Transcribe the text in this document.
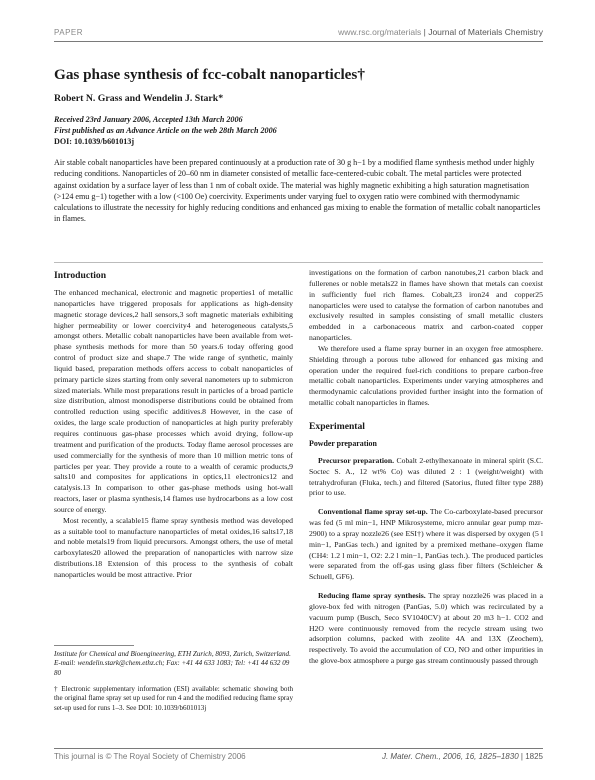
PAPER	www.rsc.org/materials | Journal of Materials Chemistry
Gas phase synthesis of fcc-cobalt nanoparticles†
Robert N. Grass and Wendelin J. Stark*
Received 23rd January 2006, Accepted 13th March 2006
First published as an Advance Article on the web 28th March 2006
DOI: 10.1039/b601013j

Air stable cobalt nanoparticles have been prepared continuously at a production rate of 30 g h−1 by a modified flame synthesis method under highly reducing conditions. Nanoparticles of 20–60 nm in diameter consisted of metallic face-centered-cubic cobalt. The metal particles were protected against oxidation by a surface layer of less than 1 nm of cobalt oxide. The material was highly magnetic exhibiting a high saturation magnetisation (>124 emu g−1) together with a low (<100 Oe) coercivity. Experiments under varying fuel to oxygen ratio were combined with thermodynamic calculations to illustrate the necessity for highly reducing conditions and enhanced gas mixing to enable the formation of metallic cobalt nanoparticles in flames.

Introduction

The enhanced mechanical, electronic and magnetic properties1 of metallic nanoparticles have triggered proposals for applications as high-density magnetic storage devices,2 hall sensors,3 soft magnetic materials exhibiting higher permeability or lower coercivity4 and heterogeneous catalysts,5 amongst others. Metallic cobalt nanoparticles have been available from wet-phase synthesis methods for more than 50 years.6 today offering good control of product size and shape.7 The wide range of synthetic, mainly liquid based, preparation methods offers access to cobalt nanoparticles of primary particle sizes starting from only several nanometers up to submicron sized materials. While most preparations result in particles of a broad particle size distribution, almost monodisperse distributions could be obtained from controlled reduction using specific additives.8 However, in the case of oxides, the large scale production of nanoparticles at high purity preferably requires continuous gas-phase processes which avoid drying, follow-up treatment and purification of the products. Today flame aerosol processes are used commercially for the synthesis of more than 10 million metric tons of particles per year. They provide a route to a wealth of ceramic products,9 salts10 and composites for applications in optics,11 electronics12 and catalysis.13 In comparison to other gas-phase methods using hot-wall reactors, laser or plasma synthesis,14 flames use hydrocarbons as a low cost source of energy.

Most recently, a scalable15 flame spray synthesis method was developed as a suitable tool to manufacture nanoparticles of metal oxides,16 salts17,18 and noble metals19 from liquid precursors. Amongst others, the use of metal carboxylates20 allowed the preparation of nanoparticles with narrow size distributions.18 Extension of this process to the synthesis of cobalt nanoparticles would be most attractive. Prior

Institute for Chemical and Bioengineering, ETH Zurich, 8093, Zurich, Switzerland. E-mail: wendelin.stark@chem.ethz.ch; Fax: +41 44 633 1083; Tel: +41 44 632 09 80

† Electronic supplementary information (ESI) available: schematic showing both the original flame spray set up used for run 4 and the modified reducing flame spray set-up used for runs 1–3. See DOI: 10.1039/b601013j

investigations on the formation of carbon nanotubes,21 carbon black and fullerenes or noble metals22 in flames have shown that metals can coexist in sufficiently fuel rich flames. Cobalt,23 iron24 and copper25 nanoparticles were used to catalyse the formation of carbon nanotubes and exclusively resulted in samples consisting of small metallic clusters embedded in a carbonaceous matrix and carbon-coated copper nanoparticles.

We therefore used a flame spray burner in an oxygen free atmosphere. Shielding through a porous tube allowed for enhanced gas mixing and operation under the required fuel-rich conditions to prepare carbon-free metallic cobalt nanoparticles. Experiments under varying atmospheres and thermodynamic calculations provided further insight into the formation of metallic cobalt nanoparticles in flames.

Experimental
Powder preparation

Precursor preparation. Cobalt 2-ethylhexanoate in mineral spirit (S.C. Soctec S. A., 12 wt% Co) was diluted 2 : 1 (weight/weight) with tetrahydrofuran (Fluka, tech.) and filtered (Satorius, fluted filter type 288) prior to use.

Conventional flame spray set-up. The Co-carboxylate-based precursor was fed (5 ml min−1, HNP Mikrosysteme, micro annular gear pump mzr-2900) to a spray nozzle26 (see ESI†) where it was dispersed by oxygen (5 l min−1, PanGas tech.) and ignited by a premixed methane–oxygen flame (CH4: 1.2 l min−1, O2: 2.2 l min−1, PanGas tech.). The produced particles were separated from the off-gas using glass fiber filters (Schleicher & Schuell, GF6).

Reducing flame spray synthesis. The spray nozzle26 was placed in a glove-box fed with nitrogen (PanGas, 5.0) which was recirculated by a vacuum pump (Busch, Seco SV1040CV) at about 20 m3 h−1. CO2 and H2O were continuously removed from the recycle stream using two adsorption columns, packed with zeolite 4A and 13X (Zeochem), respectively. To avoid the accumulation of CO, NO and other impurities in the glove-box atmosphere a purge gas stream continuously passed through

This journal is © The Royal Society of Chemistry 2006	J. Mater. Chem., 2006, 16, 1825–1830 | 1825
